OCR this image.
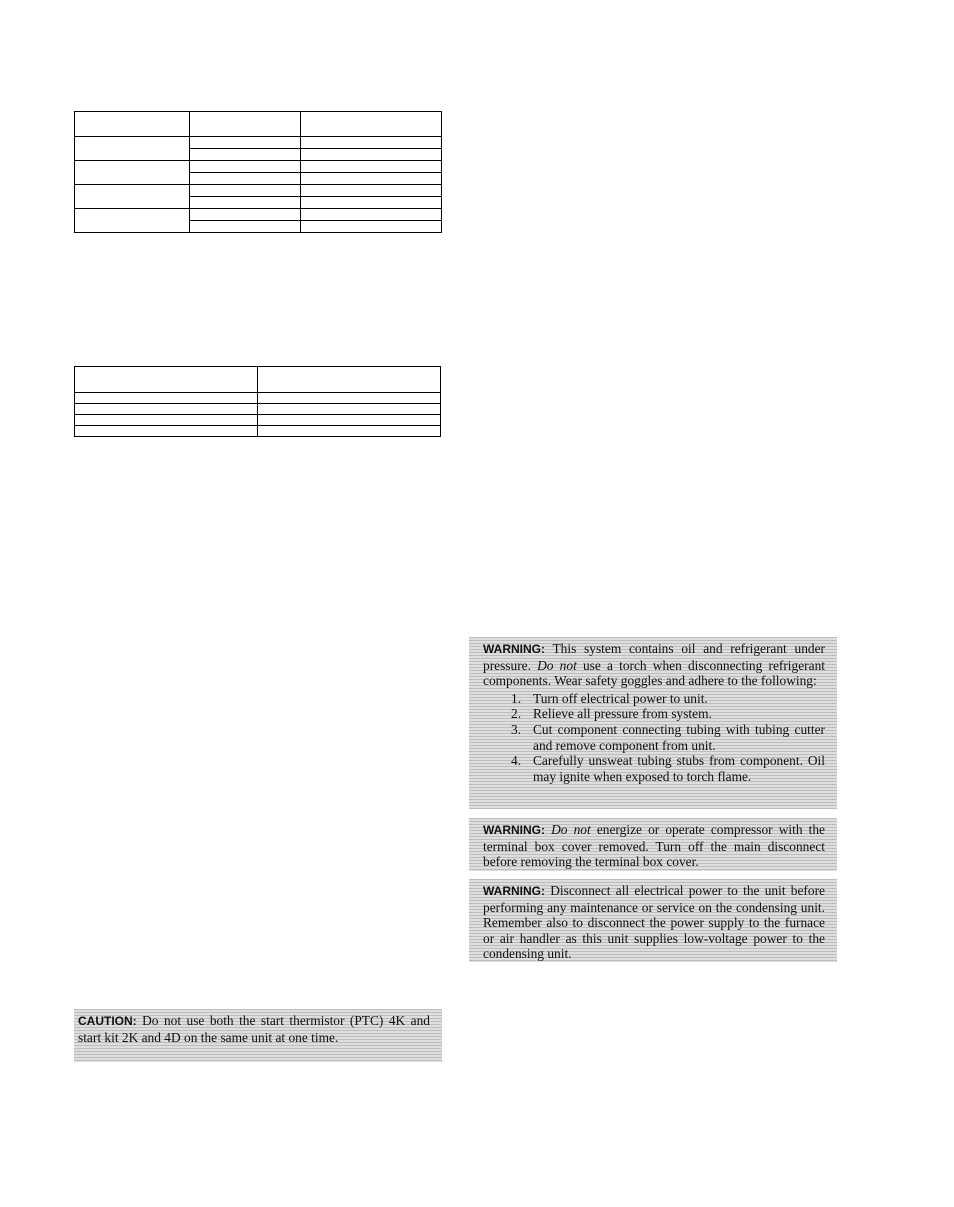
WARNING: This system contains oil and refrigerant under pressure. Do not use a torch when disconnecting refrigerant components. Wear safety goggles and adhere to the following:
1. Turn off electrical power to unit.
2. Relieve all pressure from system.
3. Cut component connecting tubing with tubing cutter and remove component from unit.
4. Carefully unsweat tubing stubs from component. Oil may ignite when exposed to torch flame.
WARNING: Do not energize or operate compressor with the terminal box cover removed. Turn off the main disconnect before removing the terminal box cover.
WARNING: Disconnect all electrical power to the unit before performing any maintenance or service on the condensing unit. Remember also to disconnect the power supply to the furnace or air handler as this unit supplies low-voltage power to the condensing unit.
CAUTION: Do not use both the start thermistor (PTC) 4K and start kit 2K and 4D on the same unit at one time.
